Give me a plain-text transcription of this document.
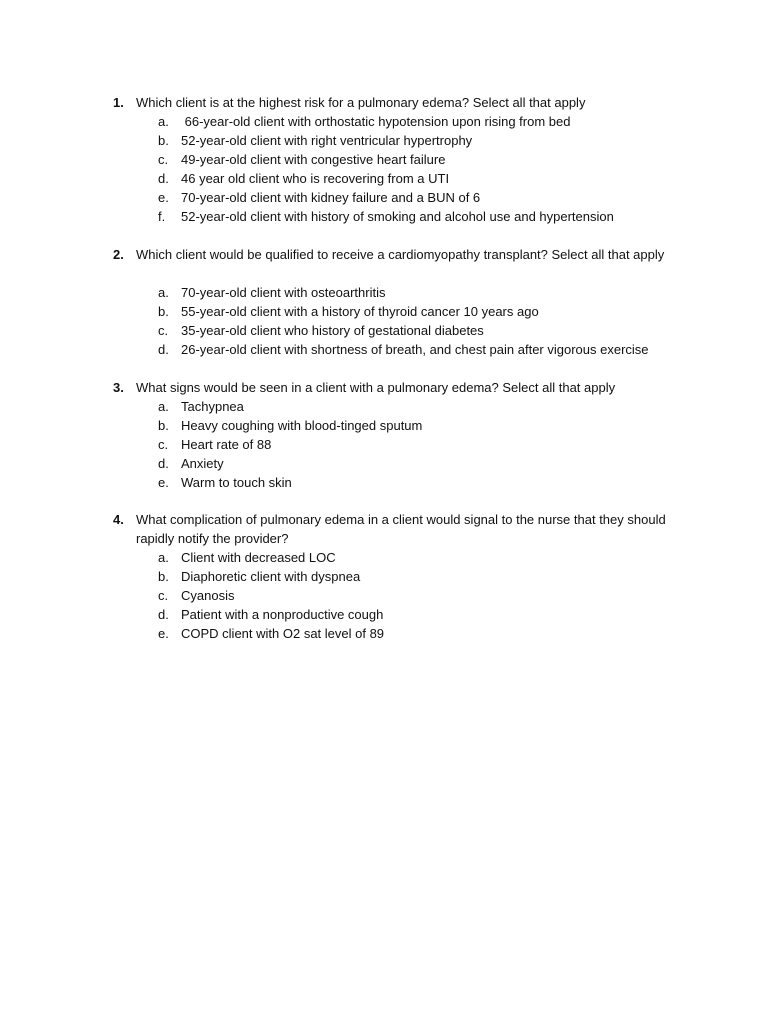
1. Which client is at the highest risk for a pulmonary edema? Select all that apply
a. 66-year-old client with orthostatic hypotension upon rising from bed
b. 52-year-old client with right ventricular hypertrophy
c. 49-year-old client with congestive heart failure
d. 46 year old client who is recovering from a UTI
e. 70-year-old client with kidney failure and a BUN of 6
f. 52-year-old client with history of smoking and alcohol use and hypertension
2. Which client would be qualified to receive a cardiomyopathy transplant? Select all that apply
a. 70-year-old client with osteoarthritis
b. 55-year-old client with a history of thyroid cancer 10 years ago
c. 35-year-old client who history of gestational diabetes
d. 26-year-old client with shortness of breath, and chest pain after vigorous exercise
3. What signs would be seen in a client with a pulmonary edema? Select all that apply
a. Tachypnea
b. Heavy coughing with blood-tinged sputum
c. Heart rate of 88
d. Anxiety
e. Warm to touch skin
4. What complication of pulmonary edema in a client would signal to the nurse that they should rapidly notify the provider?
a. Client with decreased LOC
b. Diaphoretic client with dyspnea
c. Cyanosis
d. Patient with a nonproductive cough
e. COPD client with O2 sat level of 89
